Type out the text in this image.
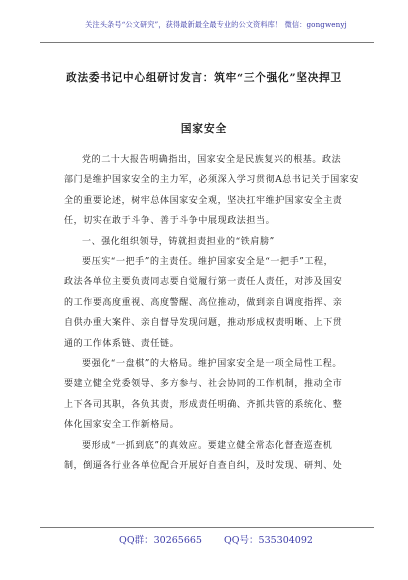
关注头条号“公文研究”，获得最新最全最专业的公文资料库！ 微信：gongwenyj
政法委书记中心组研讨发言：筑牢“三个强化”坚决捍卫
国家安全
党的二十大报告明确指出，国家安全是民族复兴的根基。政法
部门是维护国家安全的主力军，必须深入学习贯彻A总书记关于国家安
全的重要论述，树牢总体国家安全观，坚决扛牢维护国家安全主责
任，切实在敢于斗争、善于斗争中展现政法担当。
一、强化组织领导，铸就担责担业的“铁肩膀”
要压实“一把手”的主责任。维护国家安全是“一把手”工程，
政法各单位主要负责同志要自觉履行第一责任人责任，对涉及国安
的工作要高度重视、高度警醒、高位推动，做到亲自调度指挥、亲
自供办重大案件、亲自督导发现问题，推动形成权责明晰、上下贯
通的工作体系链、责任链。
要强化“一盘棋”的大格局。维护国家安全是一项全局性工程。
要建立健全党委领导、多方参与、社会协同的工作机制，推动全市
上下各司其职，各负其责，形成责任明确、齐抓共管的系统化、整
体化国家安全工作新格局。
要形成“一抓到底”的真效应。要建立健全常态化督查巡查机
制，倒逼各行业各单位配合开展好自查自纠，及时发现、研判、处
QQ群：30265665 QQ号：535304092
